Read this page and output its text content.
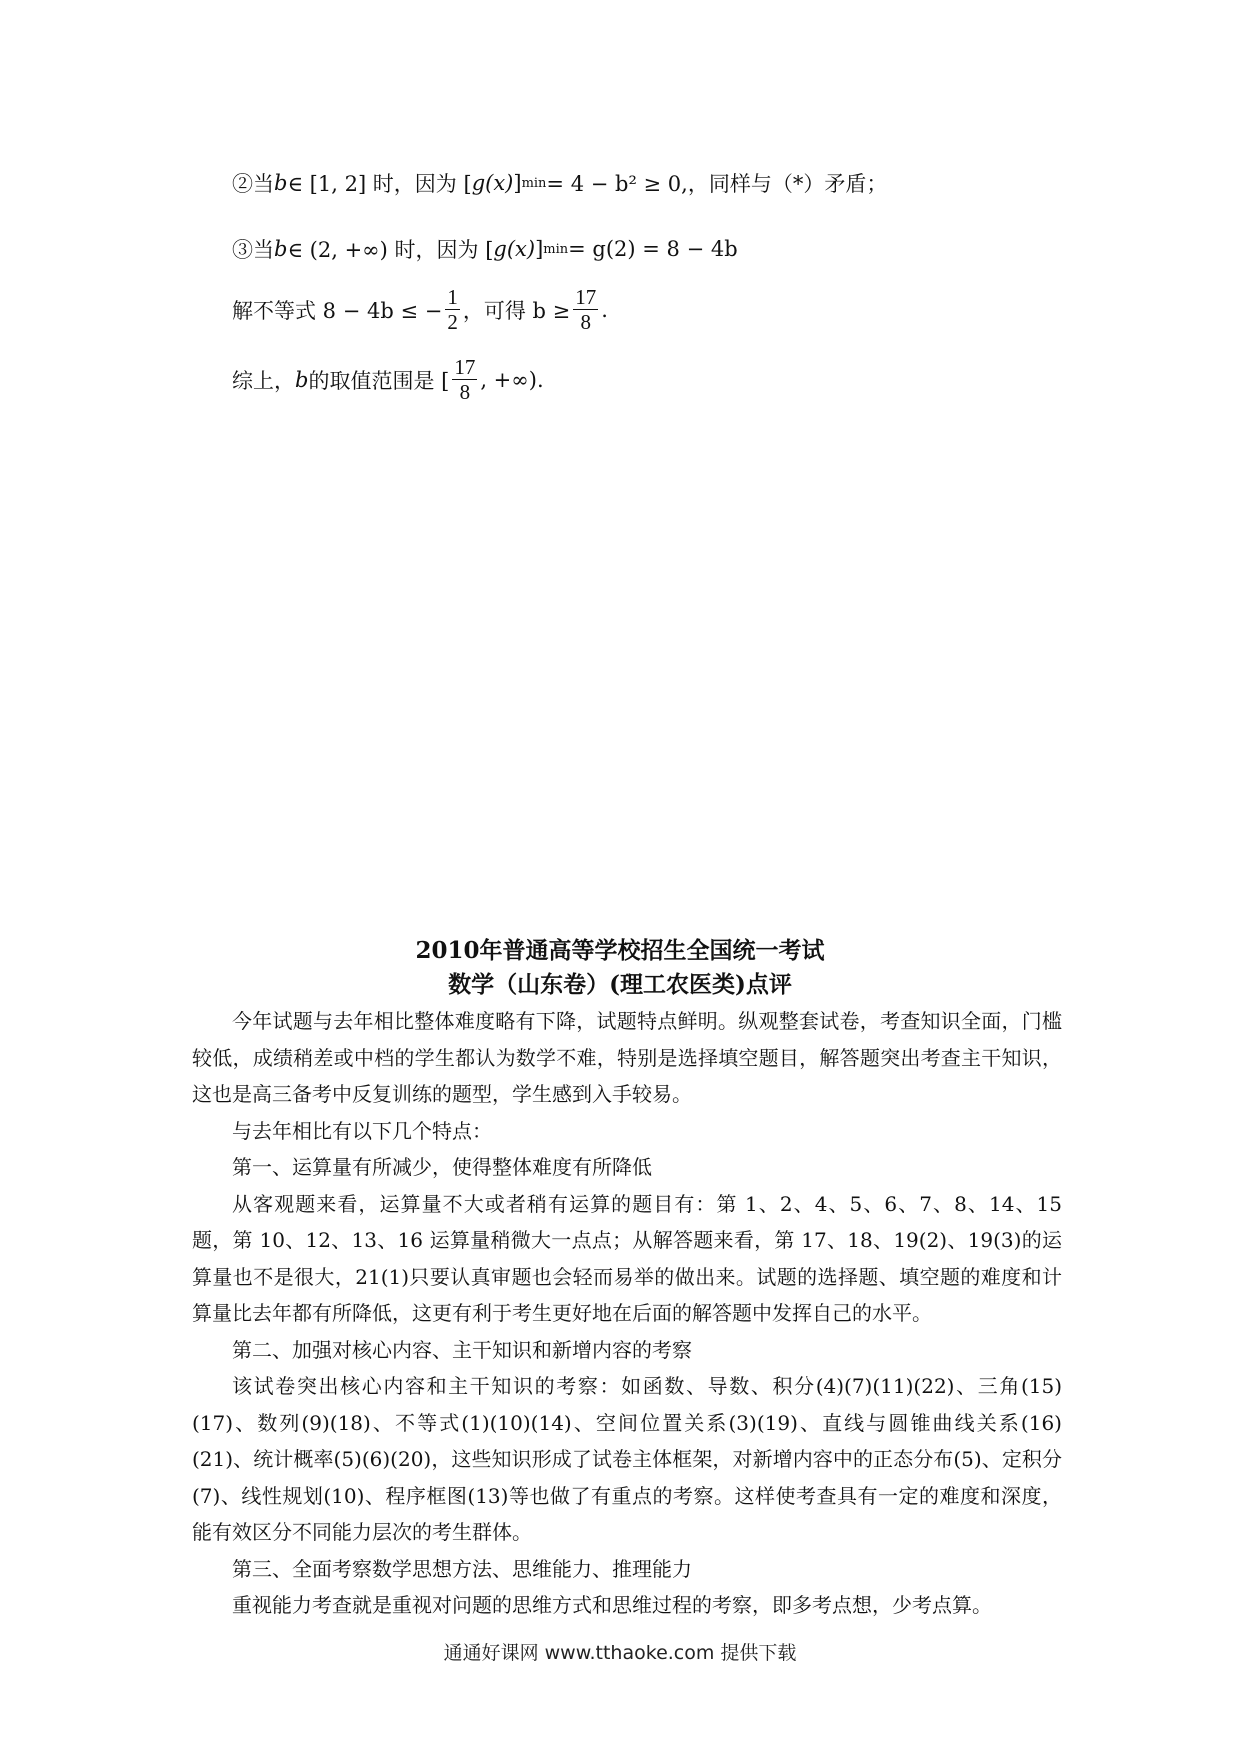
②当 b ∈ [1, 2] 时，因为 [ g(x) ] min = 4 − b² ≥ 0,，同样与（*）矛盾；
③当 b ∈ (2, +∞) 时，因为 [ g(x) ] min = g(2) = 8 − 4b
解不等式 8 − 4b ≤ − $\frac{1}{2}$ ，可得 $b \ge \frac{17}{8}$ .
综上， b 的取值范围是 [ $\frac{17}{8}$ , +∞).
2010年普通高等学校招生全国统一考试
数学（山东卷）(理工农医类)点评

今年试题与去年相比整体难度略有下降，试题特点鲜明。纵观整套试卷，考查知识全面，门槛较低，成绩稍差或中档的学生都认为数学不难，特别是选择填空题目，解答题突出考查主干知识，这也是高三备考中反复训练的题型，学生感到入手较易。

与去年相比有以下几个特点：

第一、运算量有所减少，使得整体难度有所降低

从客观题来看，运算量不大或者稍有运算的题目有：第 1、2、4、5、6、7、8、14、15 题，第 10、12、13、16 运算量稍微大一点点；从解答题来看，第 17、18、19(2)、19(3)的运算量也不是很大，21(1)只要认真审题也会轻而易举的做出来。试题的选择题、填空题的难度和计算量比去年都有所降低，这更有利于考生更好地在后面的解答题中发挥自己的水平。

第二、加强对核心内容、主干知识和新增内容的考察

该试卷突出核心内容和主干知识的考察：如函数、导数、积分(4)(7)(11)(22)、三角(15)(17)、数列(9)(18)、不等式(1)(10)(14)、空间位置关系(3)(19)、直线与圆锥曲线关系(16)(21)、统计概率(5)(6)(20)，这些知识形成了试卷主体框架，对新增内容中的正态分布(5)、定积分(7)、线性规划(10)、程序框图(13)等也做了有重点的考察。这样使考查具有一定的难度和深度，能有效区分不同能力层次的考生群体。

第三、全面考察数学思想方法、思维能力、推理能力

重视能力考查就是重视对问题的思维方式和思维过程的考察，即多考点想，少考点算。

通通好课网 www.tthaoke.com 提供下载
